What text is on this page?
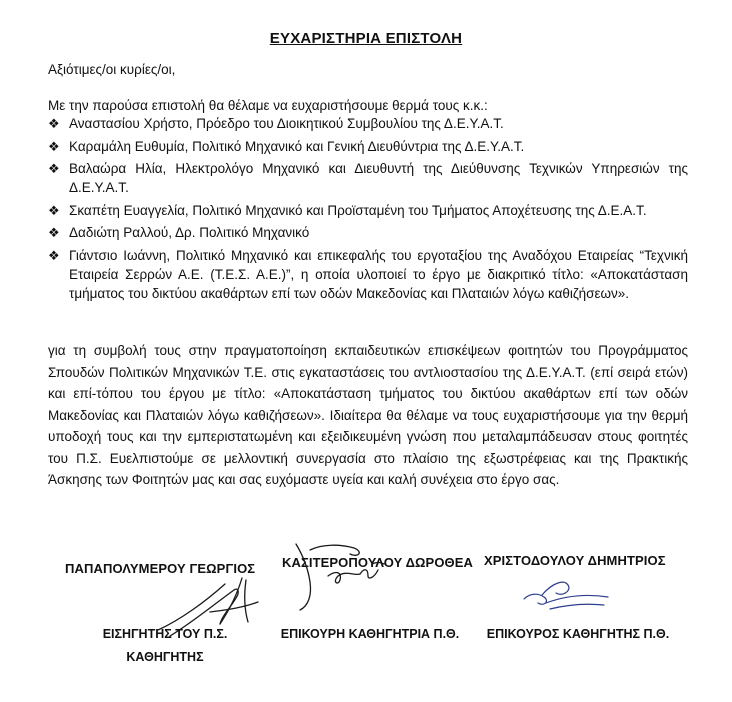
ΕΥΧΑΡΙΣΤΗΡΙΑ ΕΠΙΣΤΟΛΗ
Αξιότιμες/οι κυρίες/οι,
Με την παρούσα επιστολή θα θέλαμε να ευχαριστήσουμε θερμά τους κ.κ.:
❖ Αναστασίου Χρήστο, Πρόεδρο του Διοικητικού Συμβουλίου της Δ.Ε.Υ.Α.Τ.
❖ Καραμάλη Ευθυμία, Πολιτικό Μηχανικό και Γενική Διευθύντρια της Δ.Ε.Υ.Α.Τ.
❖ Βαλαώρα Ηλία, Ηλεκτρολόγο Μηχανικό και Διευθυντή της Διεύθυνσης Τεχνικών Υπηρεσιών της Δ.Ε.Υ.Α.Τ.
❖ Σκαπέτη Ευαγγελία, Πολιτικό Μηχανικό και Προϊσταμένη του Τμήματος Αποχέτευσης της Δ.Ε.Α.Τ.
❖ Δαδιώτη Ραλλού, Δρ. Πολιτικό Μηχανικό
❖ Γιάντσιο Ιωάννη, Πολιτικό Μηχανικό και επικεφαλής του εργοταξίου της Αναδόχου Εταιρείας “Τεχνική Εταιρεία Σερρών Α.Ε. (Τ.Ε.Σ. Α.Ε.)”, η οποία υλοποιεί το έργο με διακριτικό τίτλο: «Αποκατάσταση τμήματος του δικτύου ακαθάρτων επί των οδών Μακεδονίας και Πλαταιών λόγω καθιζήσεων».

για τη συμβολή τους στην πραγματοποίηση εκπαιδευτικών επισκέψεων φοιτητών του Προγράμματος Σπουδών Πολιτικών Μηχανικών Τ.Ε. στις εγκαταστάσεις του αντλιοστασίου της Δ.Ε.Υ.Α.Τ. (επί σειρά ετών) και επί-τόπου του έργου με τίτλο: «Αποκατάσταση τμήματος του δικτύου ακαθάρτων επί των οδών Μακεδονίας και Πλαταιών λόγω καθιζήσεων». Ιδιαίτερα θα θέλαμε να τους ευχαριστήσουμε για την θερμή υποδοχή τους και την εμπεριστατωμένη και εξειδικευμένη γνώση που μεταλαμπάδευσαν στους φοιτητές του Π.Σ. Ευελπιστούμε σε μελλοντική συνεργασία στο πλαίσιο της εξωστρέφειας και της Πρακτικής Άσκησης των Φοιτητών μας και σας ευχόμαστε υγεία και καλή συνέχεια στο έργο σας.

ΠΑΠΑΠΟΛΥΜΕΡΟΥ ΓΕΩΡΓΙΟΣ
ΕΙΣΗΓΗΤΗΣ ΤΟΥ Π.Σ.
ΚΑΘΗΓΗΤΗΣ
ΚΑΣΙΤΕΡΟΠΟΥΛΟΥ ΔΩΡΟΘΕΑ
ΕΠΙΚΟΥΡΗ ΚΑΘΗΓΗΤΡΙΑ Π.Θ.
ΧΡΙΣΤΟΔΟΥΛΟΥ ΔΗΜΗΤΡΙΟΣ
ΕΠΙΚΟΥΡΟΣ ΚΑΘΗΓΗΤΗΣ Π.Θ.
